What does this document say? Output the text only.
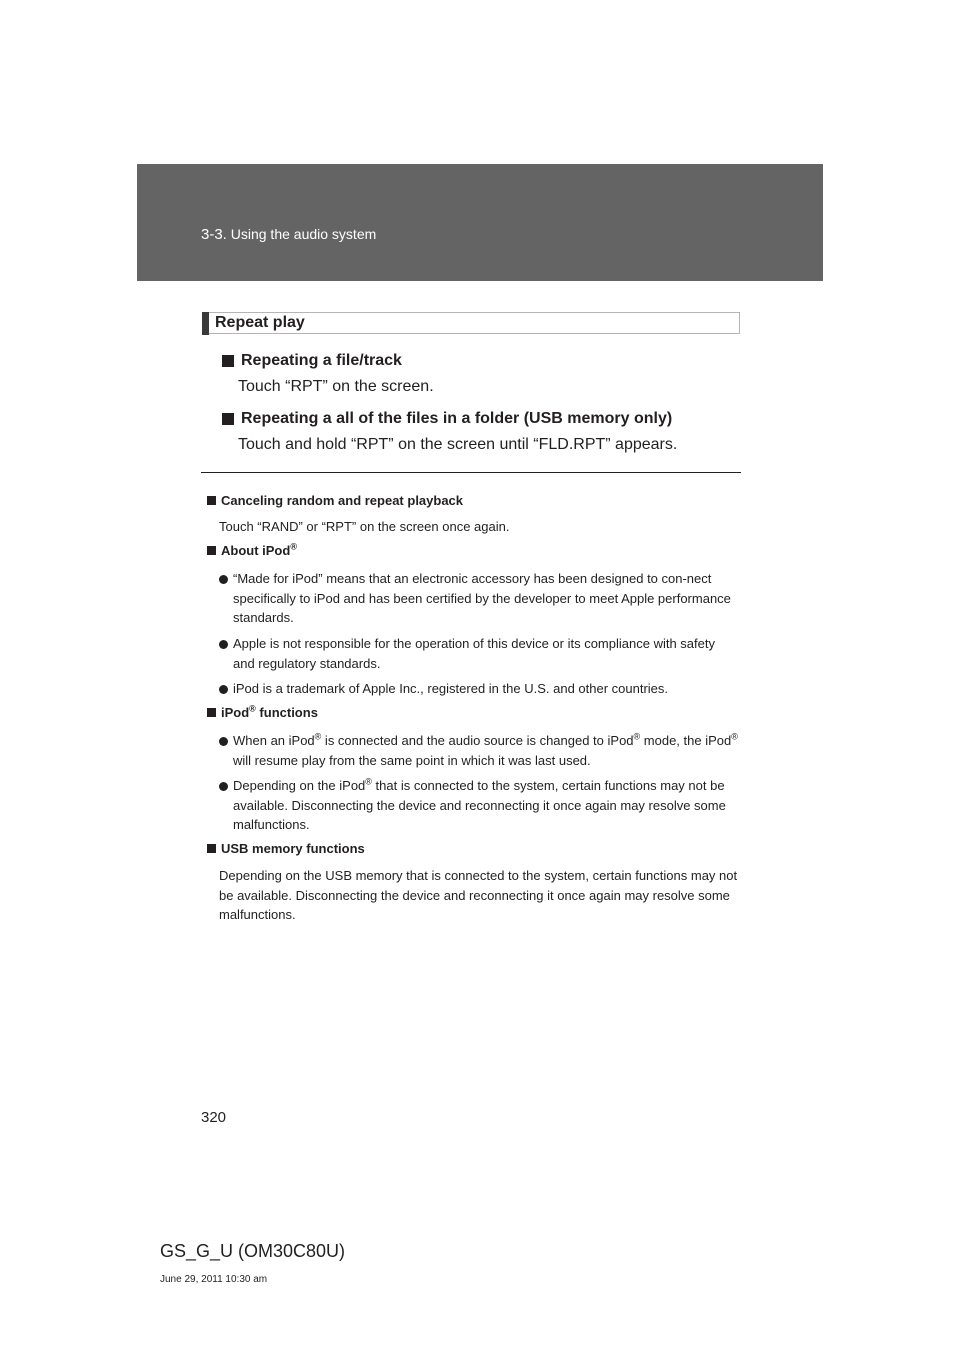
3-3. Using the audio system
Repeat play
Repeating a file/track
Touch “RPT” on the screen.
Repeating a all of the files in a folder (USB memory only)
Touch and hold “RPT” on the screen until “FLD.RPT” appears.
Canceling random and repeat playback
Touch “RAND” or “RPT” on the screen once again.
About iPod®
“Made for iPod” means that an electronic accessory has been designed to con-nect specifically to iPod and has been certified by the developer to meet Apple performance standards.
Apple is not responsible for the operation of this device or its compliance with safety and regulatory standards.
iPod is a trademark of Apple Inc., registered in the U.S. and other countries.
iPod® functions
When an iPod® is connected and the audio source is changed to iPod® mode, the iPod® will resume play from the same point in which it was last used.
Depending on the iPod® that is connected to the system, certain functions may not be available. Disconnecting the device and reconnecting it once again may resolve some malfunctions.
USB memory functions
Depending on the USB memory that is connected to the system, certain functions may not be available. Disconnecting the device and reconnecting it once again may resolve some malfunctions.
320
GS_G_U (OM30C80U)
June 29, 2011 10:30 am
